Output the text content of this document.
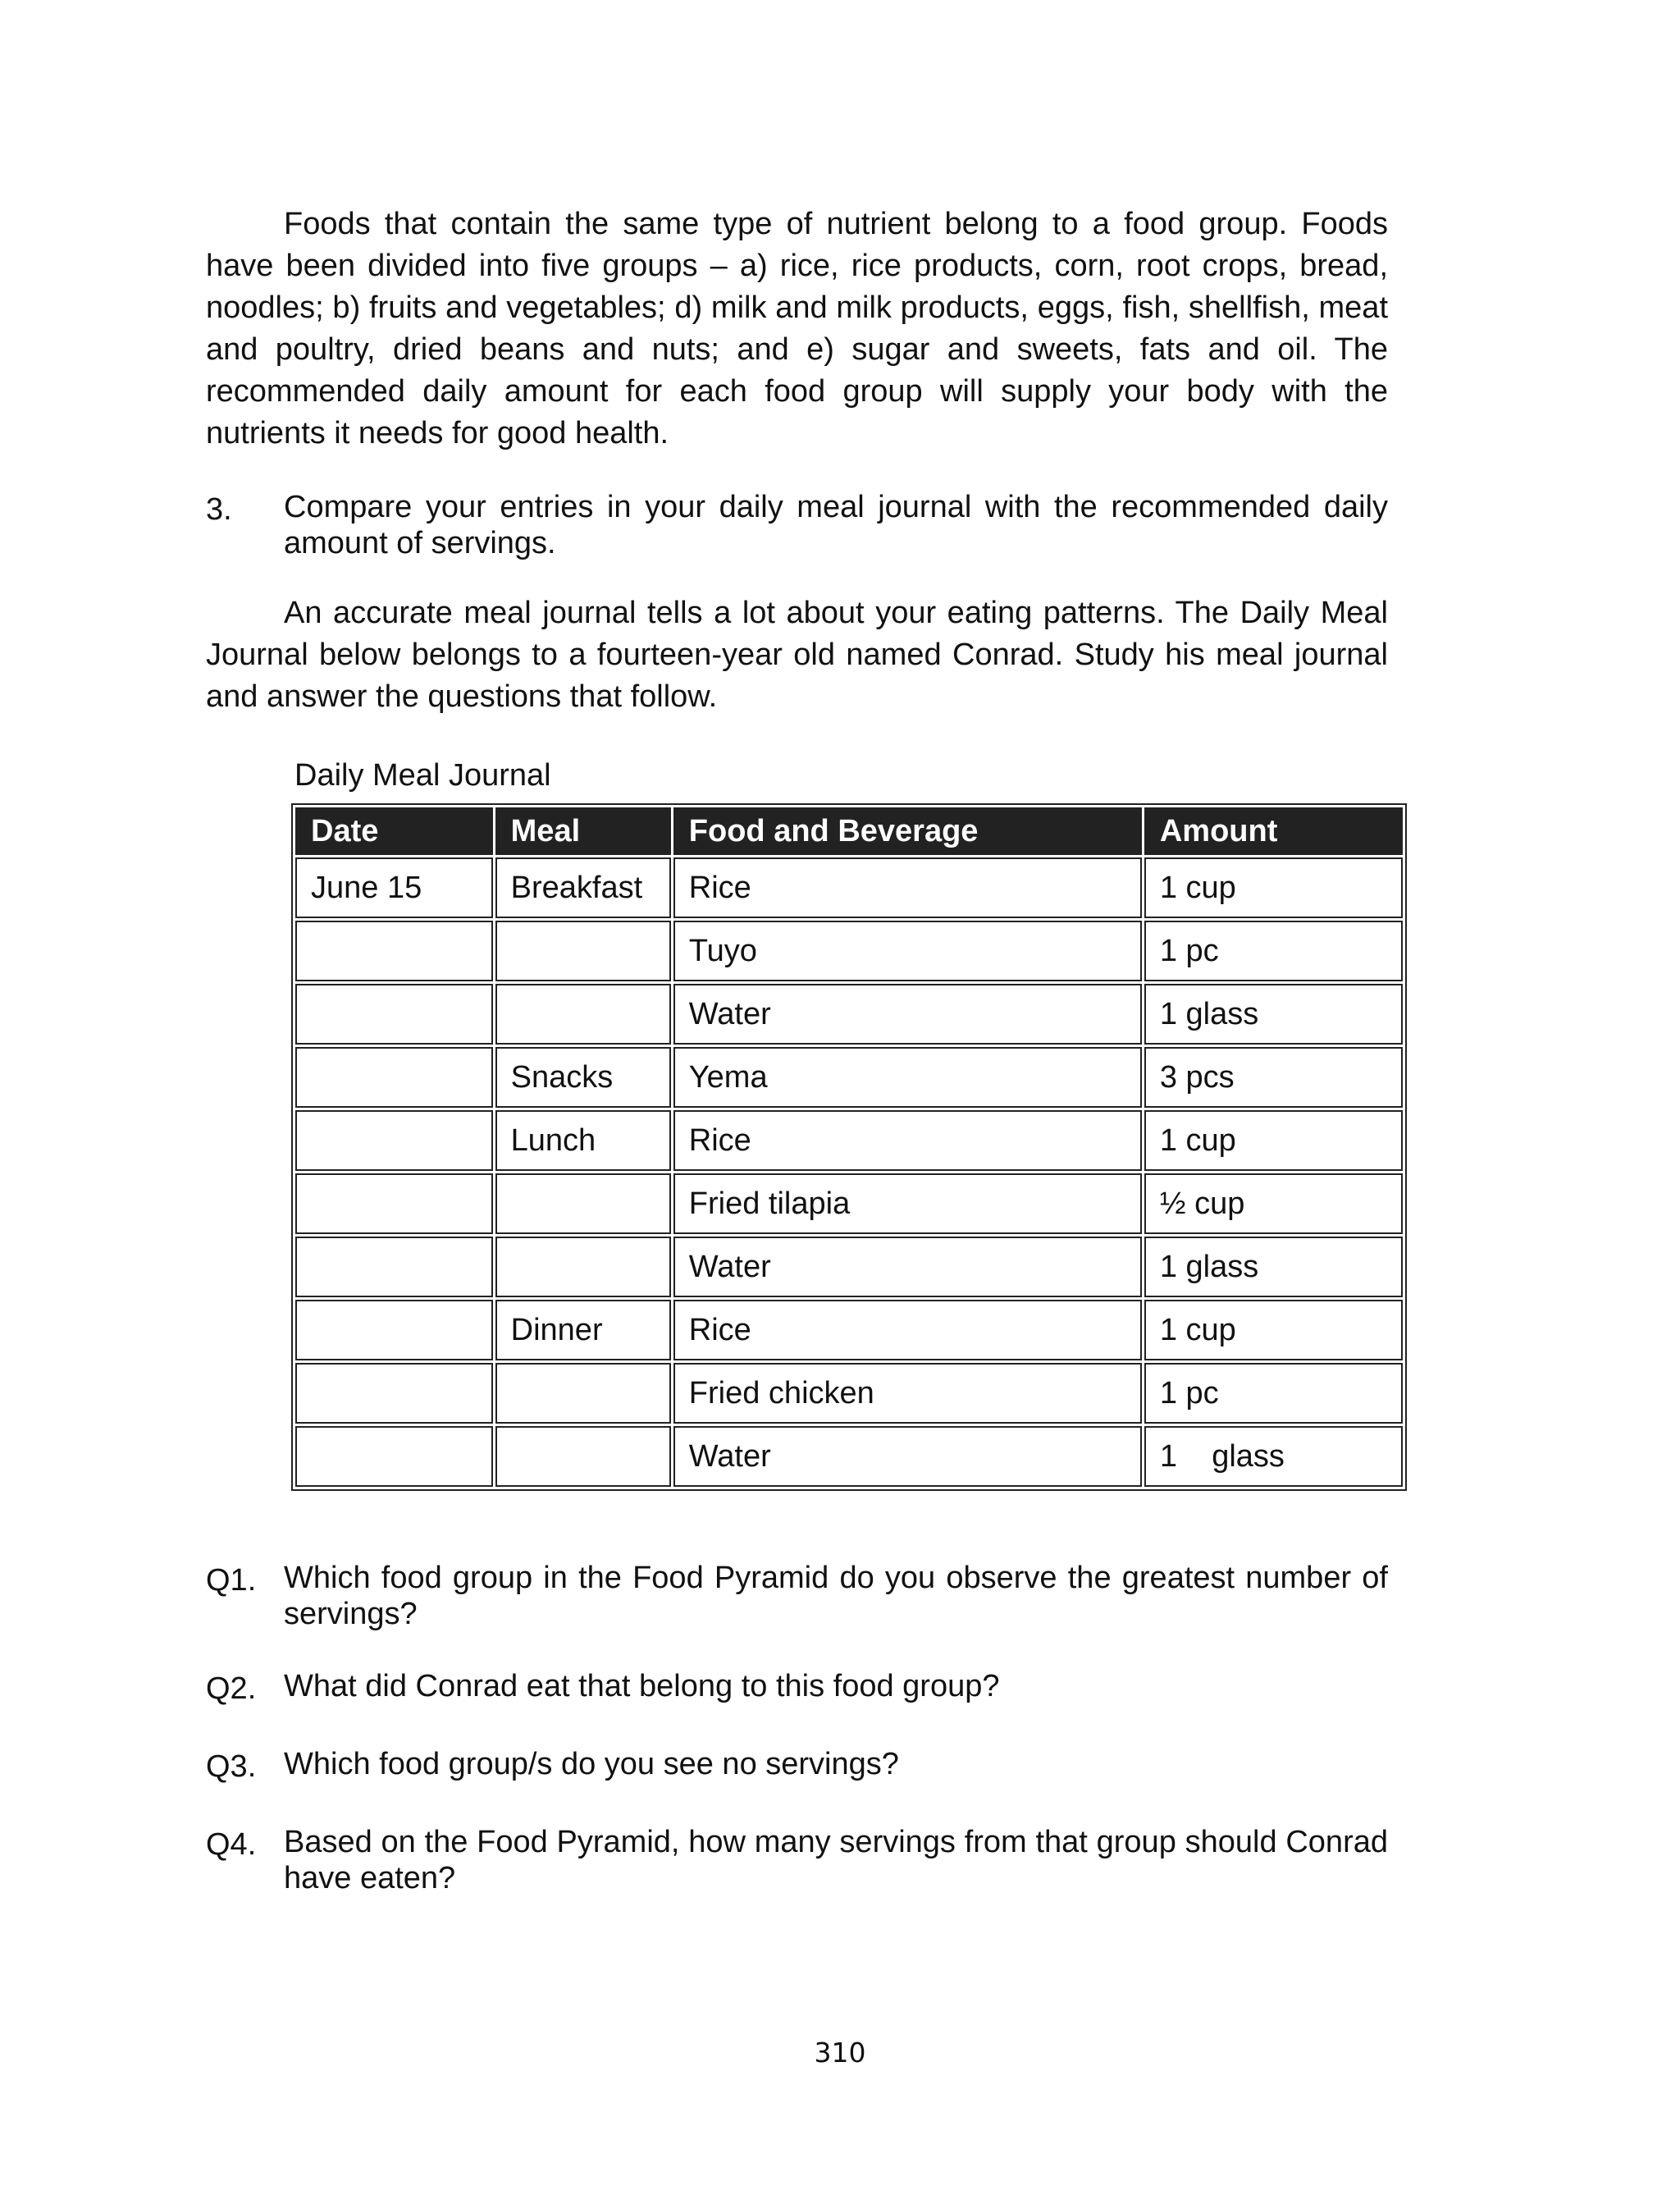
Foods that contain the same type of nutrient belong to a food group. Foods have been divided into five groups – a) rice, rice products, corn, root crops, bread, noodles; b) fruits and vegetables; d) milk and milk products, eggs, fish, shellfish, meat and poultry, dried beans and nuts; and e) sugar and sweets, fats and oil. The recommended daily amount for each food group will supply your body with the nutrients it needs for good health.

3.	Compare your entries in your daily meal journal with the recommended daily amount of servings.

An accurate meal journal tells a lot about your eating patterns. The Daily Meal Journal below belongs to a fourteen-year old named Conrad. Study his meal journal and answer the questions that follow.

Daily Meal Journal
Date	Meal	Food and Beverage	Amount
June 15	Breakfast	Rice	1 cup
		Tuyo	1 pc
		Water	1 glass
	Snacks	Yema	3 pcs
	Lunch	Rice	1 cup
		Fried tilapia	½ cup
		Water	1 glass
	Dinner	Rice	1 cup
		Fried chicken	1 pc
		Water	1    glass
Q1. Which food group in the Food Pyramid do you observe the greatest number of servings?
Q2. What did Conrad eat that belong to this food group?
Q3. Which food group/s do you see no servings?
Q4. Based on the Food Pyramid, how many servings from that group should Conrad have eaten?
310
